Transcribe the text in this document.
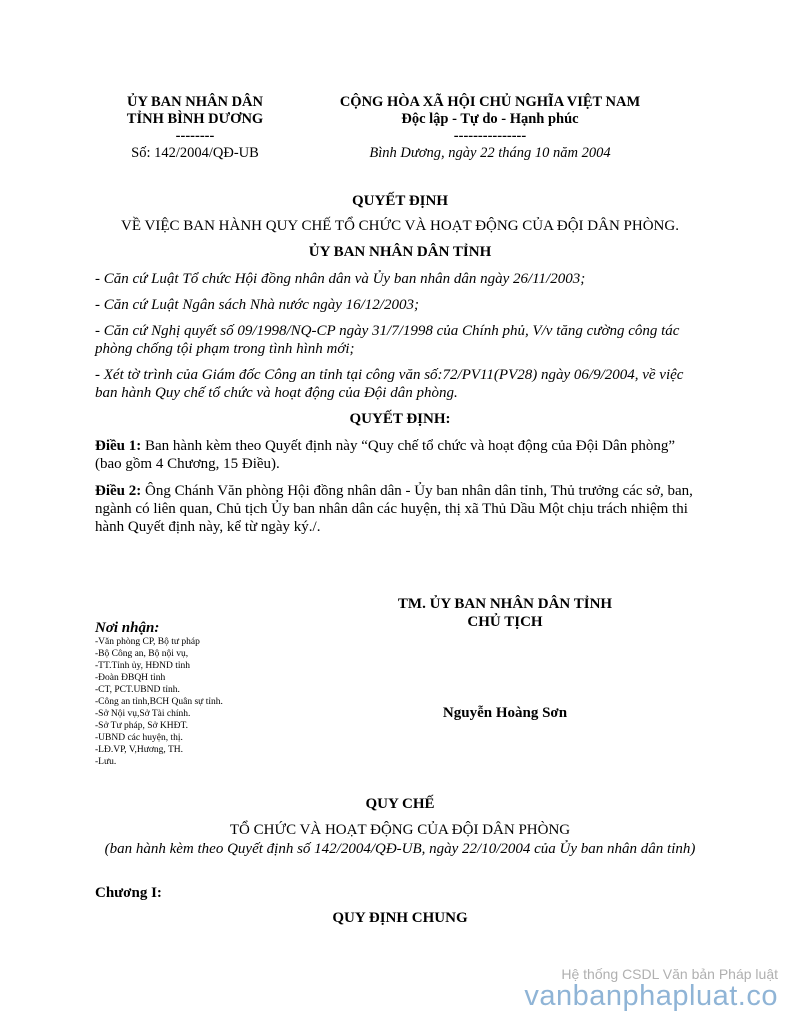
ỦY BAN NHÂN DÂN
TỈNH BÌNH DƯƠNG
--------
Số: 142/2004/QĐ-UB
CỘNG HÒA XÃ HỘI CHỦ NGHĨA VIỆT NAM
Độc lập - Tự do - Hạnh phúc
---------------
Bình Dương, ngày 22 tháng 10 năm 2004
QUYẾT ĐỊNH
VỀ VIỆC BAN HÀNH QUY CHẾ TỔ CHỨC VÀ HOẠT ĐỘNG CỦA ĐỘI DÂN PHÒNG.
ỦY BAN NHÂN DÂN TỈNH
- Căn cứ Luật Tổ chức Hội đồng nhân dân và Ủy ban nhân dân ngày 26/11/2003;
- Căn cứ Luật Ngân sách Nhà nước ngày 16/12/2003;
- Căn cứ Nghị quyết số 09/1998/NQ-CP ngày 31/7/1998 của Chính phủ, V/v tăng cường công tác phòng chống tội phạm trong tình hình mới;
- Xét tờ trình của Giám đốc Công an tỉnh tại công văn số:72/PV11(PV28) ngày 06/9/2004, về việc ban hành Quy chế tổ chức và hoạt động của Đội dân phòng.
QUYẾT ĐỊNH:
Điều 1: Ban hành kèm theo Quyết định này “Quy chế tổ chức và hoạt động của Đội Dân phòng” (bao gồm 4 Chương, 15 Điều).
Điều 2: Ông Chánh Văn phòng Hội đồng nhân dân - Ủy ban nhân dân tỉnh, Thủ trưởng các sở, ban, ngành có liên quan, Chủ tịch Ủy ban nhân dân các huyện, thị xã Thủ Dầu Một chịu trách nhiệm thi hành Quyết định này, kể từ ngày ký./.
TM. ỦY BAN NHÂN DÂN TỈNH
CHỦ TỊCH
Nguyễn Hoàng Sơn
Nơi nhận:
-Văn phòng CP, Bộ tư pháp
-Bộ Công an, Bộ nội vụ,
-TT.Tỉnh ủy, HĐND tỉnh
-Đoàn ĐBQH tỉnh
-CT, PCT.UBND tỉnh.
-Công an tỉnh,BCH Quân sự tỉnh.
-Sở Nội vụ,Sở Tài chính.
-Sở Tư pháp, Sở KHĐT.
-UBND các huyện, thị.
-LĐ.VP, V,Hương, TH.
-Lưu.
QUY CHẾ
TỔ CHỨC VÀ HOẠT ĐỘNG CỦA ĐỘI DÂN PHÒNG
(ban hành kèm theo Quyết định số 142/2004/QĐ-UB, ngày 22/10/2004 của Ủy ban nhân dân tỉnh)
Chương I:
QUY ĐỊNH CHUNG
Hệ thống CSDL Văn bản Pháp luật
vanbanphapluat.co
